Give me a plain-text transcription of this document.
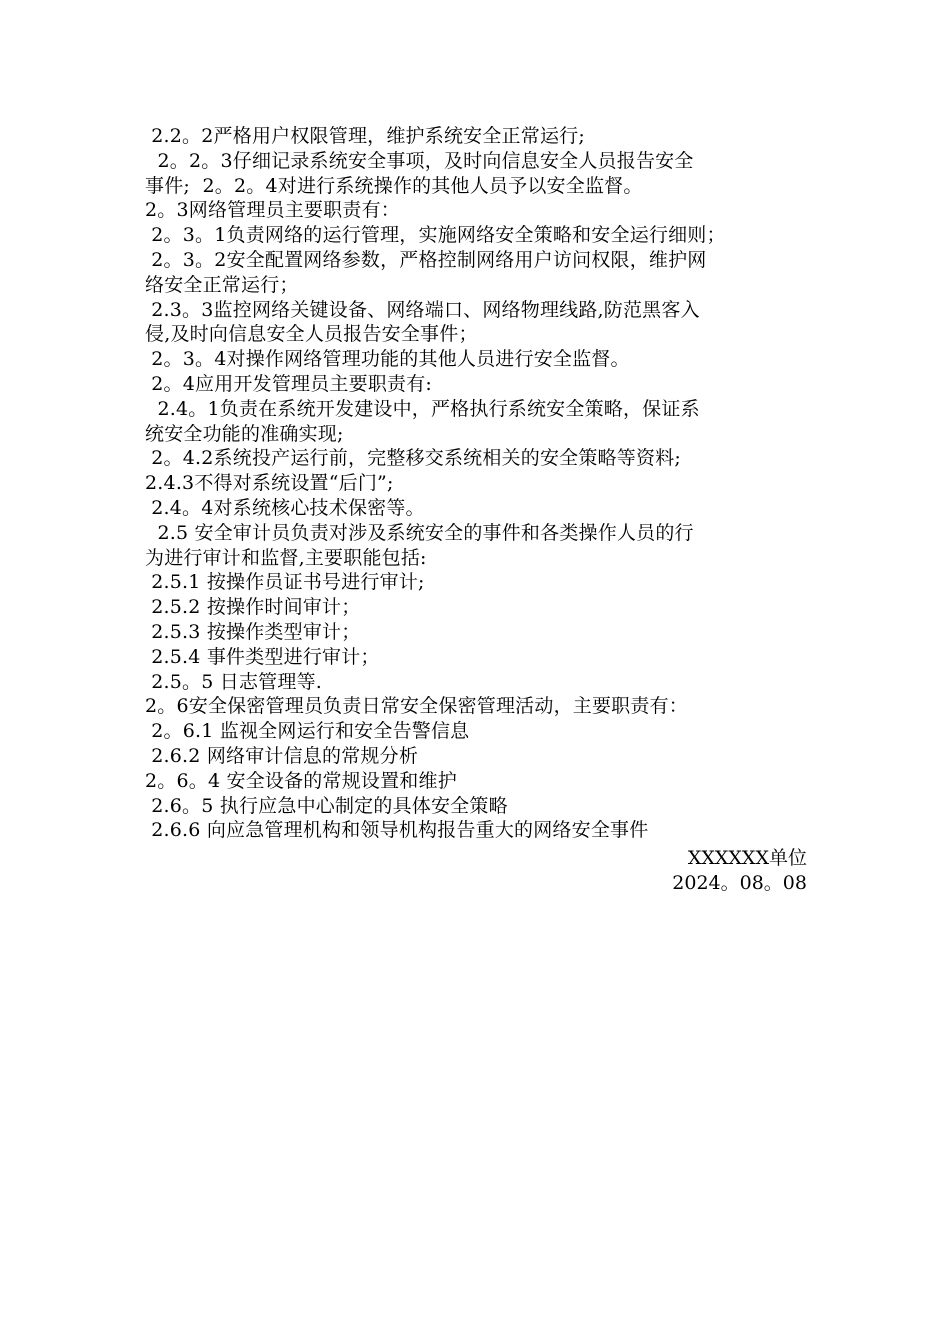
2.2。2严格用户权限管理，维护系统安全正常运行;
2。2。3仔细记录系统安全事项，及时向信息安全人员报告安全
事件;  2。2。4对进行系统操作的其他人员予以安全监督。
2。3网络管理员主要职责有：
2。3。1负责网络的运行管理，实施网络安全策略和安全运行细则；
2。3。2安全配置网络参数，严格控制网络用户访问权限，维护网
络安全正常运行；
2.3。3监控网络关键设备、网络端口、网络物理线路,防范黑客入
侵,及时向信息安全人员报告安全事件；
2。3。4对操作网络管理功能的其他人员进行安全监督。
2。4应用开发管理员主要职责有:
2.4。1负责在系统开发建设中，严格执行系统安全策略，保证系
统安全功能的准确实现;
2。4.2系统投产运行前，完整移交系统相关的安全策略等资料;
2.4.3不得对系统设置“后门”;
2.4。4对系统核心技术保密等。
2.5 安全审计员负责对涉及系统安全的事件和各类操作人员的行
为进行审计和监督,主要职能包括:
2.5.1 按操作员证书号进行审计;
2.5.2 按操作时间审计；
2.5.3 按操作类型审计；
2.5.4 事件类型进行审计；
2.5。5 日志管理等.
2。6安全保密管理员负责日常安全保密管理活动，主要职责有：
2。6.1 监视全网运行和安全告警信息
2.6.2 网络审计信息的常规分析
2。6。4 安全设备的常规设置和维护
2.6。5 执行应急中心制定的具体安全策略
2.6.6 向应急管理机构和领导机构报告重大的网络安全事件
XXXXXX单位
2024。08。08
